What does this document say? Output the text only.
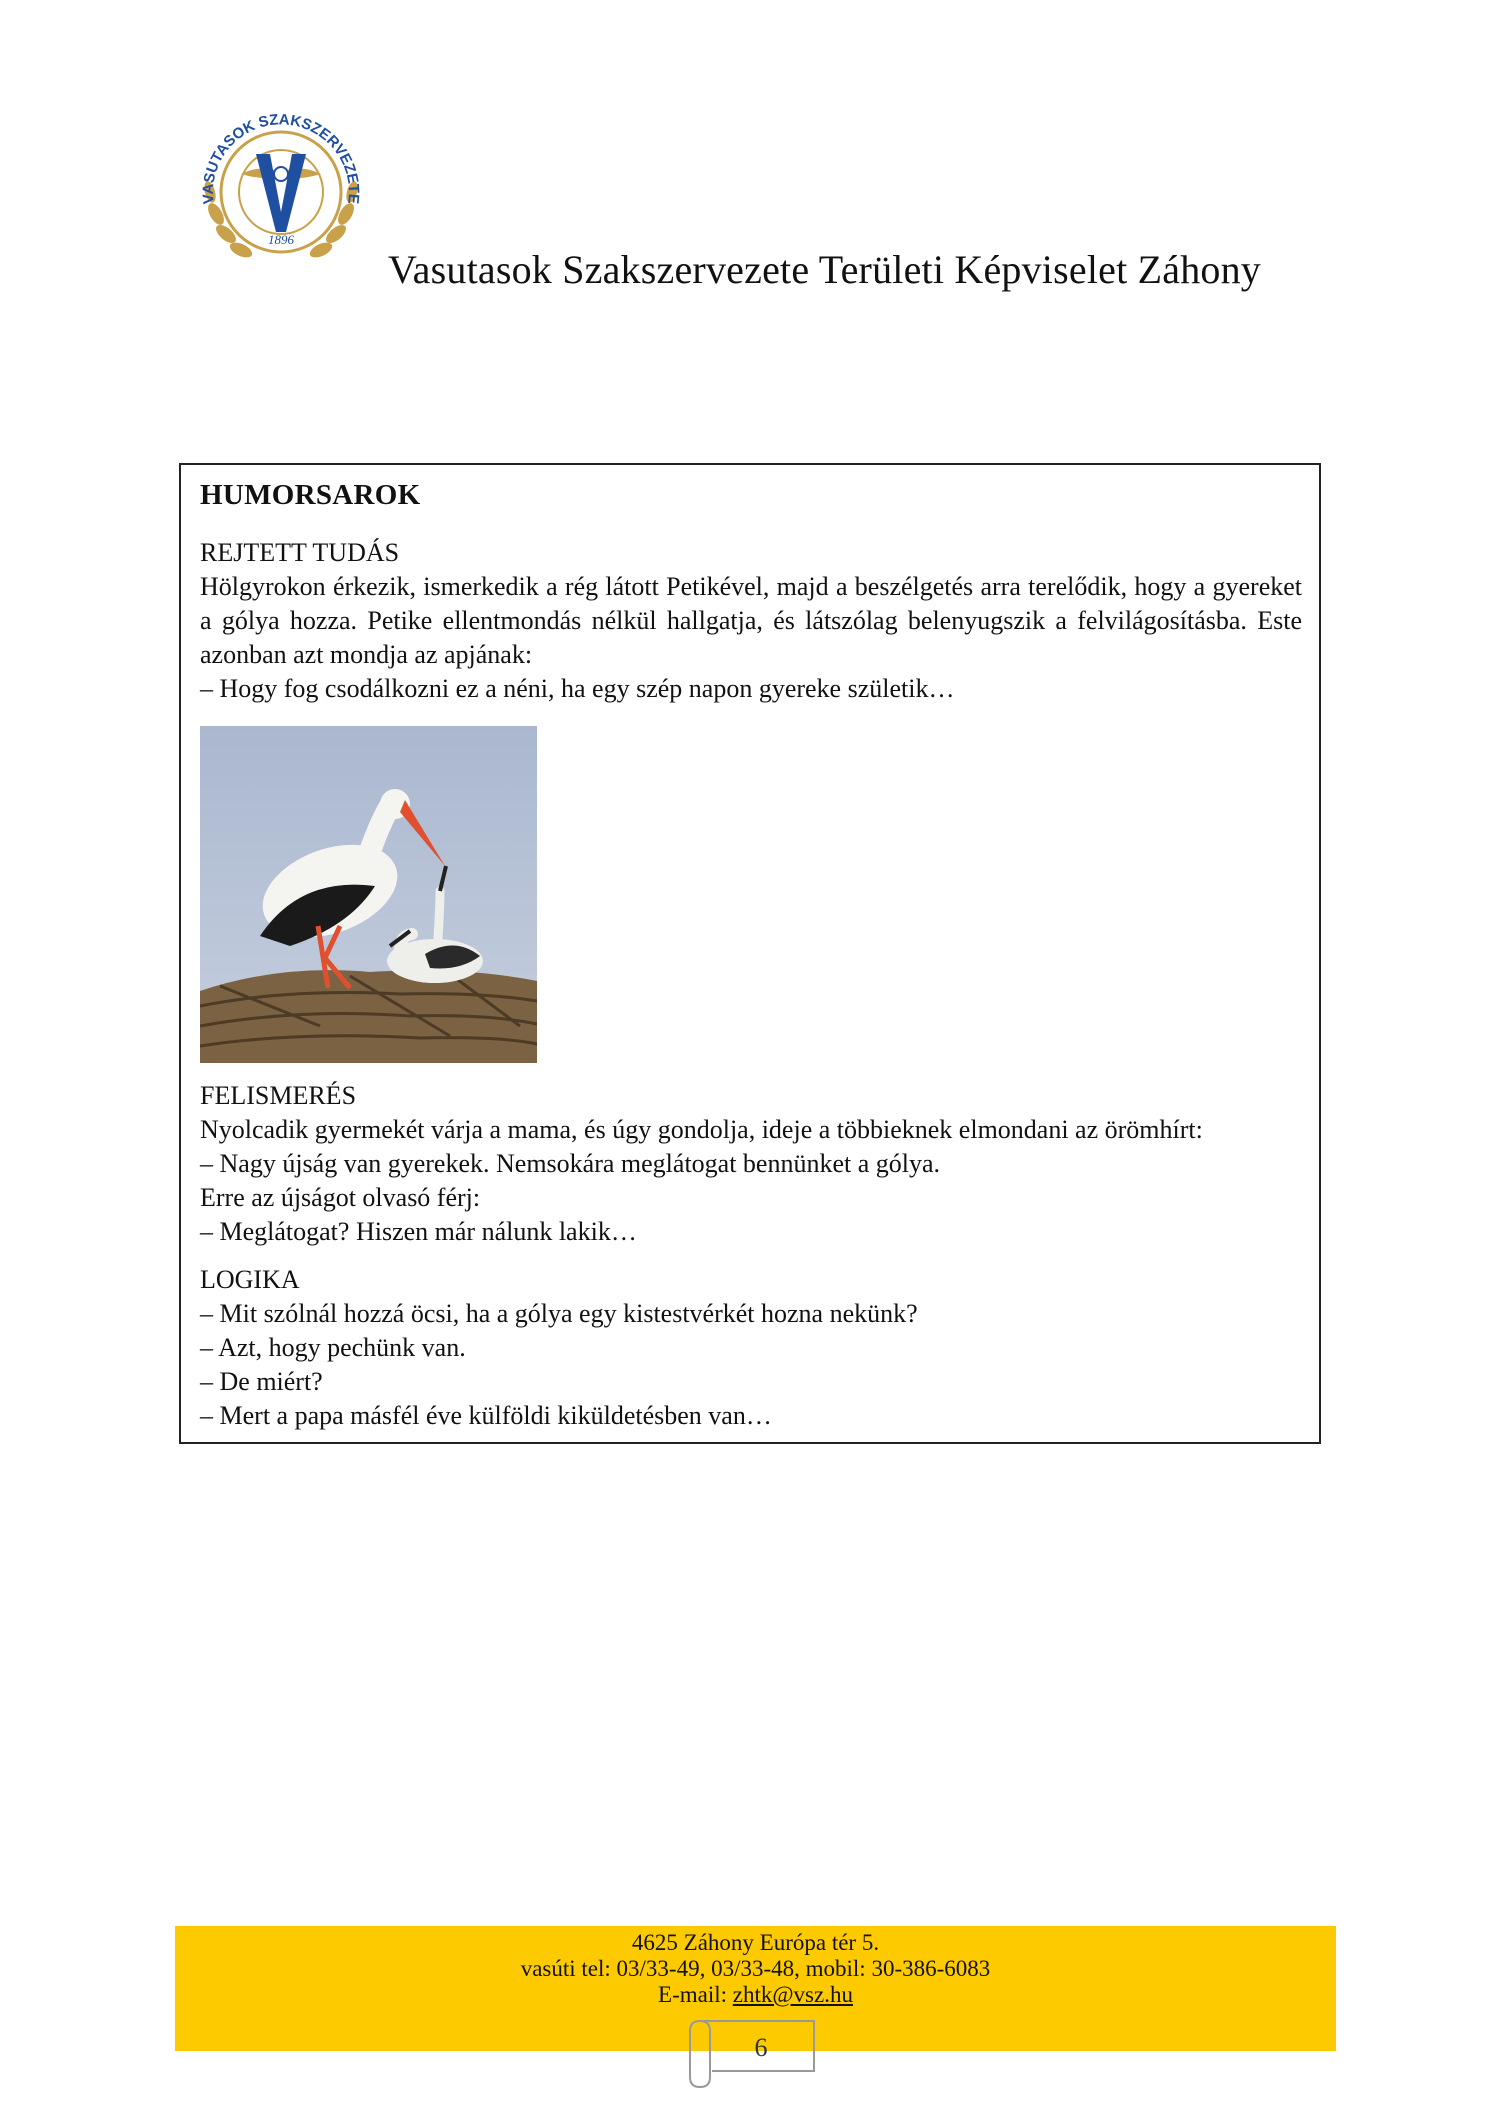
VASUTASOK SZAKSZERVEZETE
1896
Vasutasok Szakszervezete Területi Képviselet Záhony
HUMORSAROK
REJTETT TUDÁS

Hölgyrokon érkezik, ismerkedik a rég látott Petikével, majd a beszélgetés arra terelődik, hogy a gyereket a gólya hozza. Petike ellentmondás nélkül hallgatja, és látszólag belenyugszik a felvilágosításba. Este azonban azt mondja az apjának:

– Hogy fog csodálkozni ez a néni, ha egy szép napon gyereke születik…

FELISMERÉS

Nyolcadik gyermekét várja a mama, és úgy gondolja, ideje a többieknek elmondani az örömhírt:

– Nagy újság van gyerekek. Nemsokára meglátogat bennünket a gólya.

Erre az újságot olvasó férj:

– Meglátogat? Hiszen már nálunk lakik…

LOGIKA

– Mit szólnál hozzá öcsi, ha a gólya egy kistestvérkét hozna nekünk?

– Azt, hogy pechünk van.

– De miért?

– Mert a papa másfél éve külföldi kiküldetésben van…

4625 Záhony Európa tér 5.
vasúti tel: 03/33-49, 03/33-48, mobil: 30-386-6083
E-mail: zhtk@vsz.hu
6
